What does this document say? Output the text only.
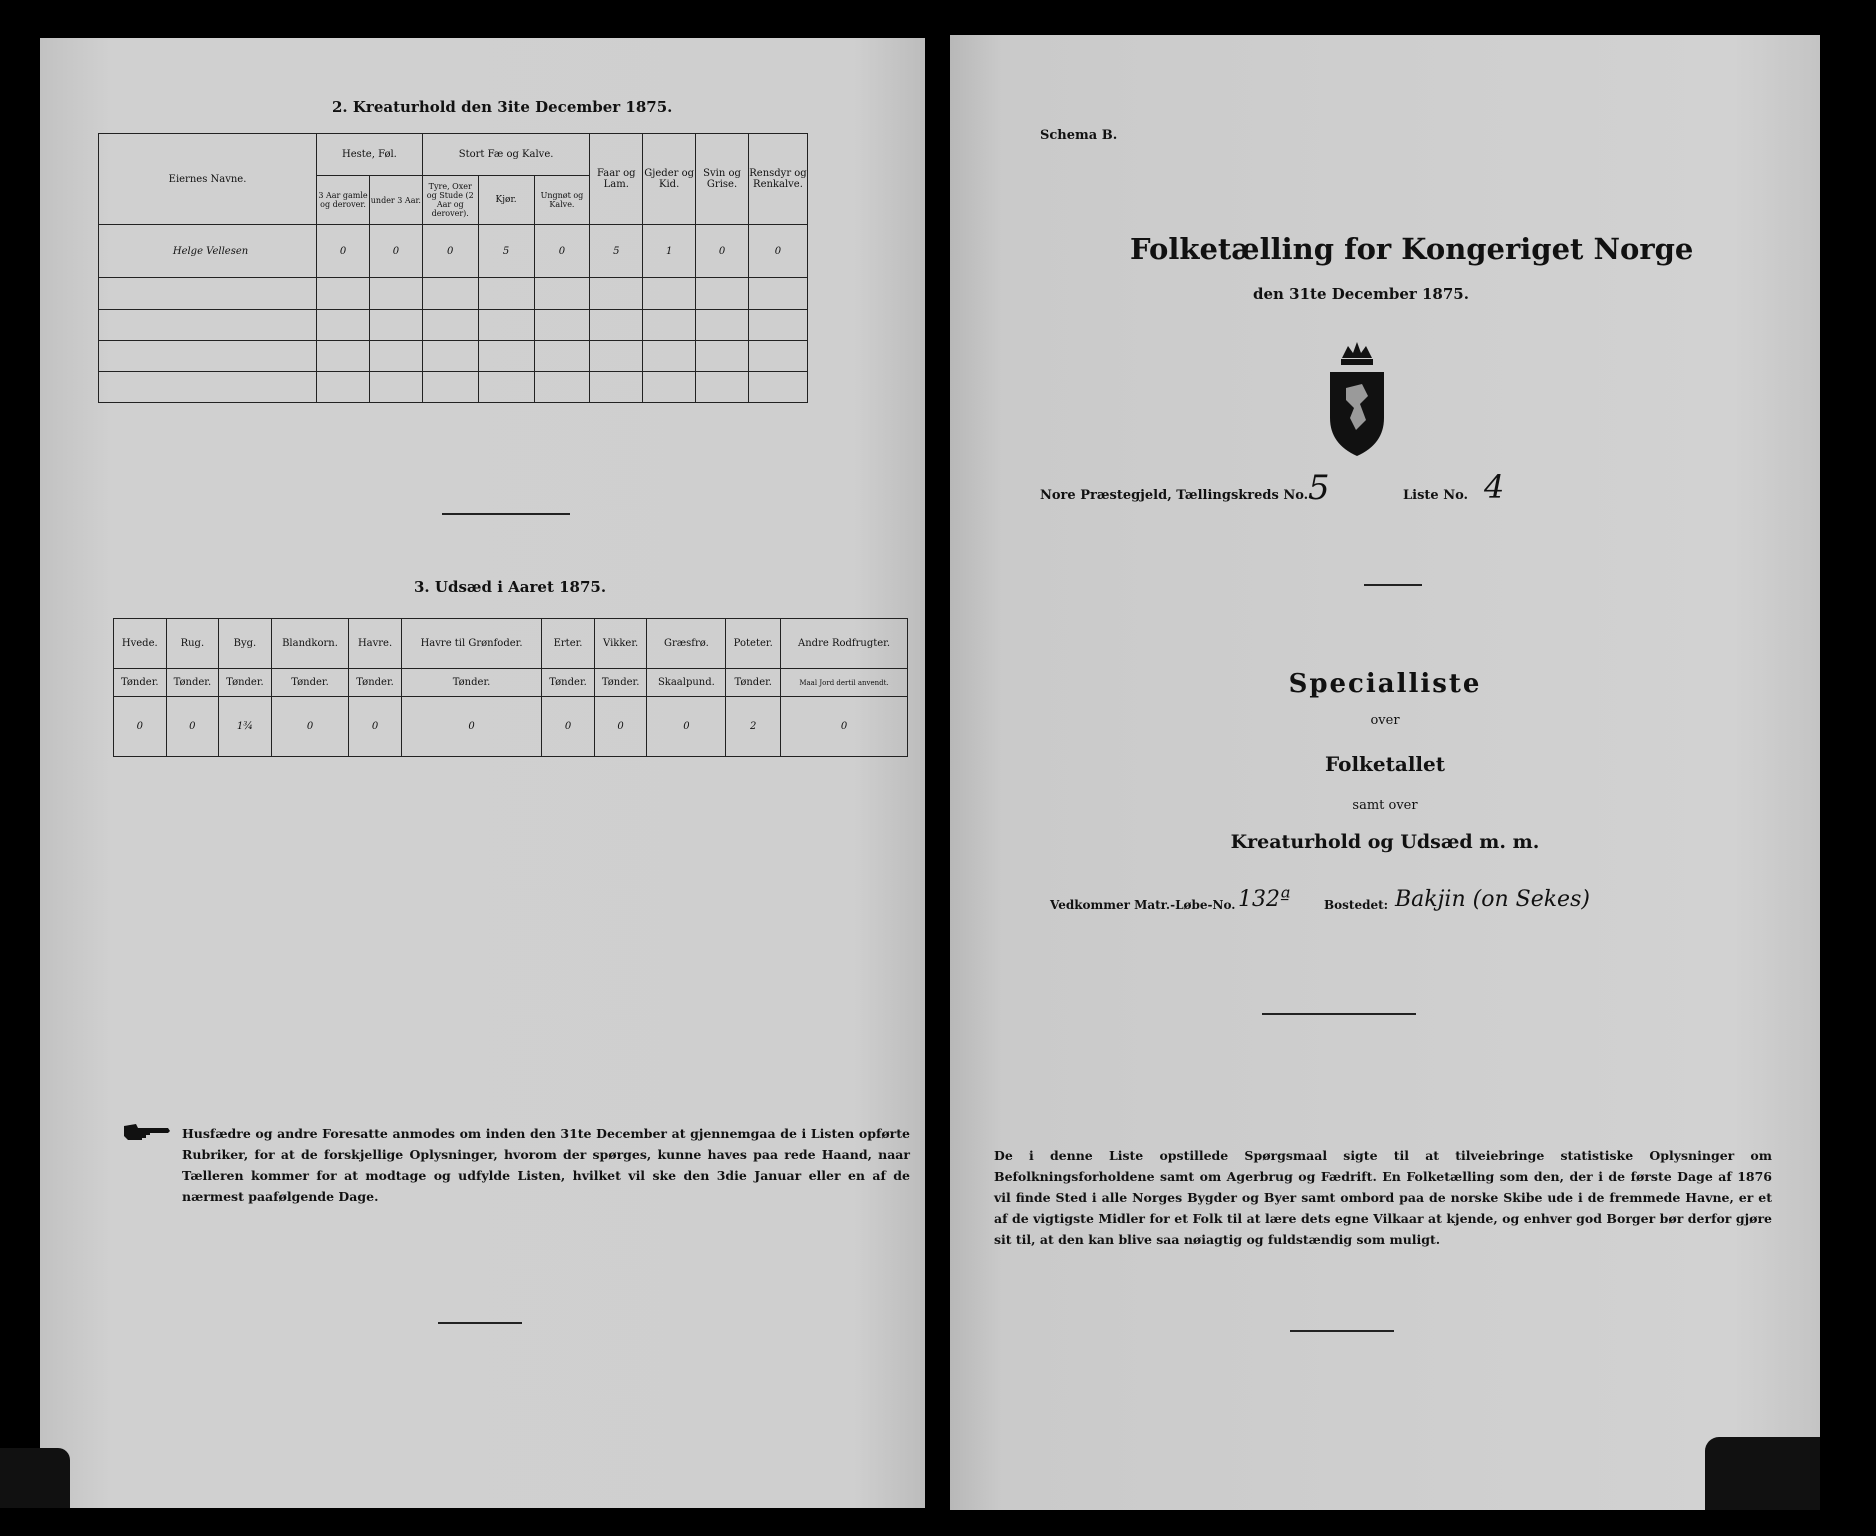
2. Kreaturhold den 3ite December 1875.
Eiernes Navne.	Heste, Føl.		Stort Fæ og Kalve.			Faar og Lam.	Gjeder og Kid.	Svin og Grise.	Rensdyr og Renkalve.
	3 Aar gamle og derover.	under 3 Aar.	Tyre, Oxer og Stude (2 Aar og derover).	Kjør.	Ungnøt og Kalve.				
Helge Vellesen	0	0	0	5	0	5	1	0	0

3. Udsæd i Aaret 1875.
Hvede.	Rug.	Byg.	Blandkorn.	Havre.	Havre til Grønfoder.	Erter.	Vikker.	Græsfrø.	Poteter.	Andre Rodfrugter.
Tønder.	Tønder.	Tønder.	Tønder.	Tønder.	Tønder.	Tønder.	Tønder.	Skaalpund.	Tønder.	Maal Jord dertil anvendt.
0	0	1¾	0	0	0	0	0	0	2	0
Husfædre og andre Foresatte anmodes om inden den 31te December at gjennemgaa de i Listen opførte Rubriker, for at de forskjellige Oplysninger, hvorom der spørges, kunne haves paa rede Haand, naar Tælleren kommer for at modtage og udfylde Listen, hvilket vil ske den 3die Januar eller en af de nærmest paafølgende Dage.
Schema B.
Folketælling for Kongeriget Norge
den 31te December 1875.
Nore Præstegjeld, Tællingskreds No. 5	Liste No. 4
Specialliste
over
Folketallet
samt over
Kreaturhold og Udsæd m. m.
Vedkommer Matr.-Løbe-No. 132ª	Bostedet: Bakjin (on Sekes)
De i denne Liste opstillede Spørgsmaal sigte til at tilveiebringe statistiske Oplysninger om Befolkningsforholdene samt om Agerbrug og Fædrift. En Folketælling som den, der i de første Dage af 1876 vil finde Sted i alle Norges Bygder og Byer samt ombord paa de norske Skibe ude i de fremmede Havne, er et af de vigtigste Midler for et Folk til at lære dets egne Vilkaar at kjende, og enhver god Borger bør derfor gjøre sit til, at den kan blive saa nøiagtig og fuldstændig som muligt.
